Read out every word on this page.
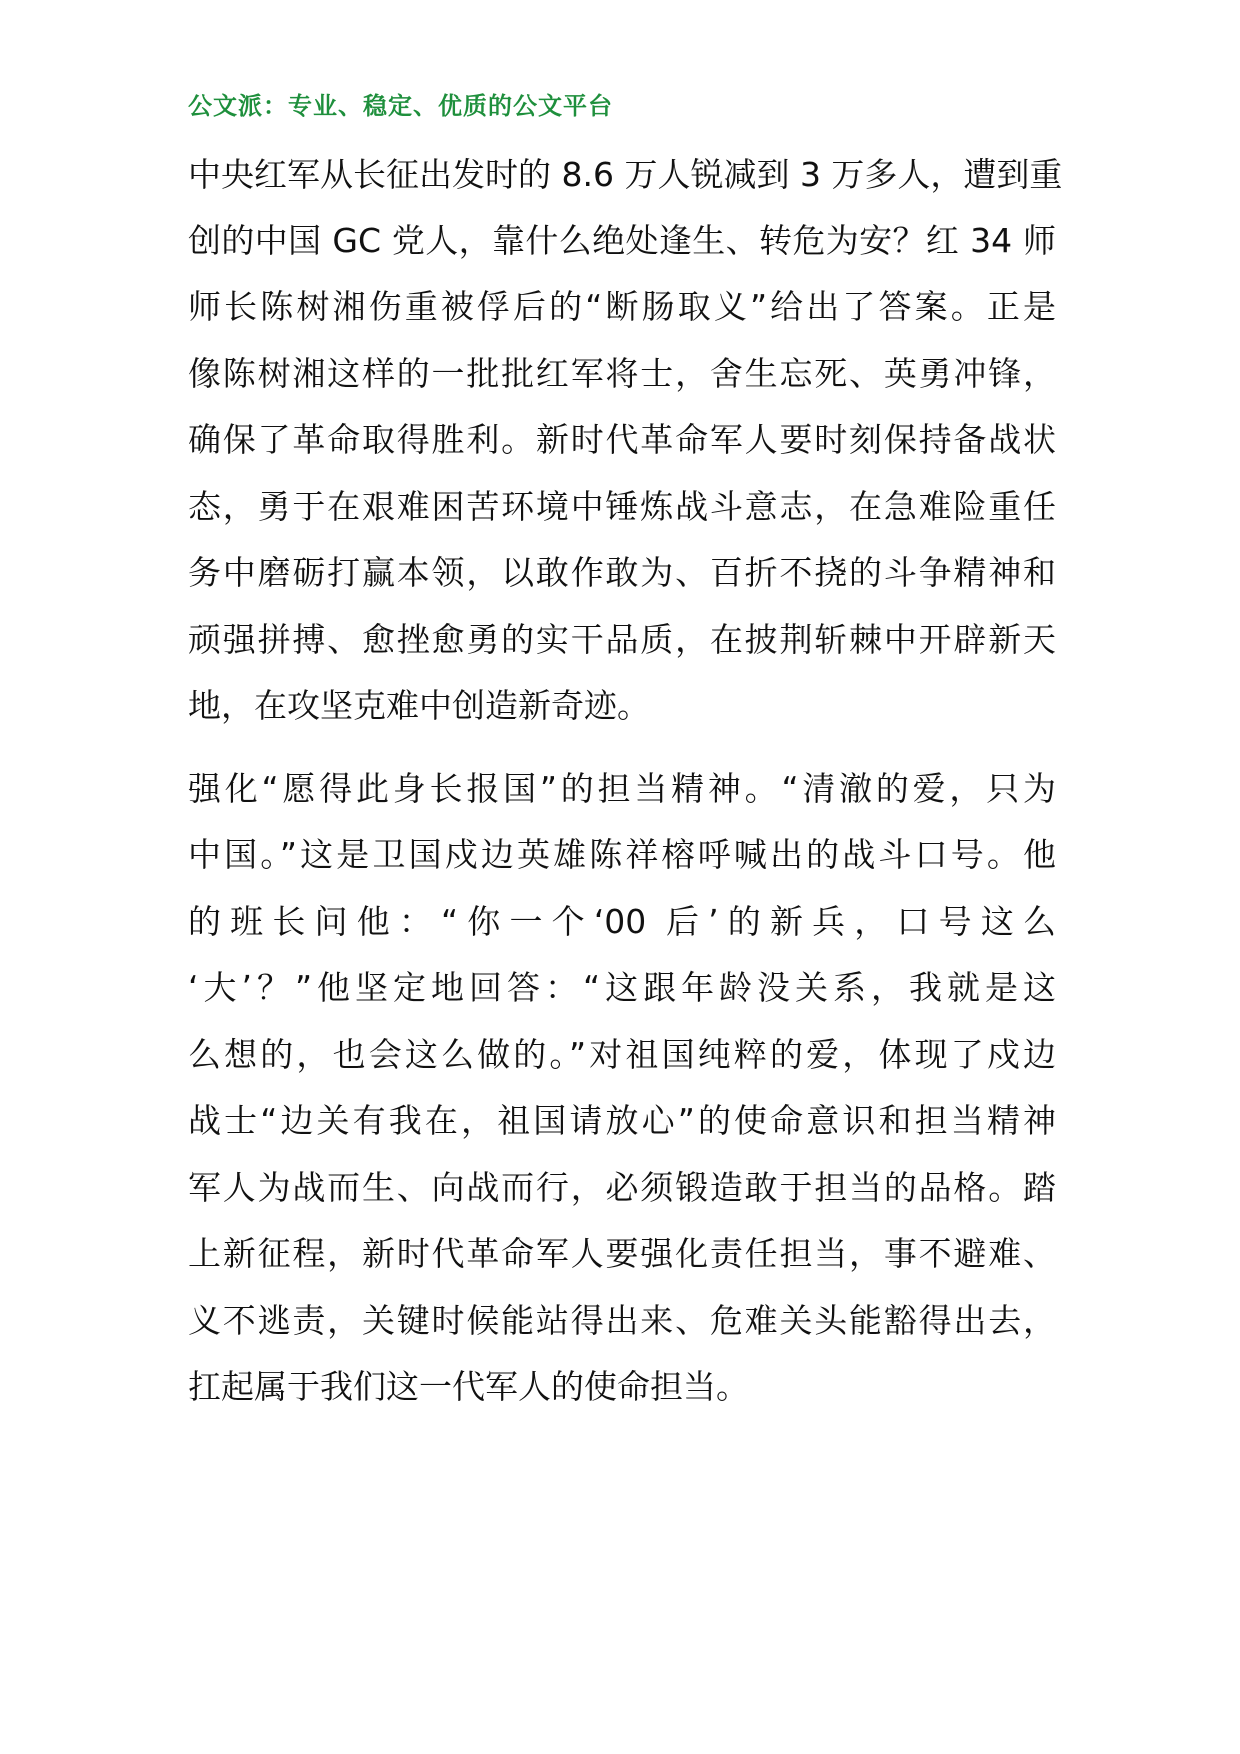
公文派：专业、稳定、优质的公文平台
中央红军从长征出发时的 8.6 万人锐减到 3 万多人，遭到重
创的中国 GC 党人，靠什么绝处逢生、转危为安？红 34 师
师长陈树湘伤重被俘后的“断肠取义”给出了答案。正是
像陈树湘这样的一批批红军将士，舍生忘死、英勇冲锋，
确保了革命取得胜利。新时代革命军人要时刻保持备战状
态，勇于在艰难困苦环境中锤炼战斗意志，在急难险重任
务中磨砺打赢本领，以敢作敢为、百折不挠的斗争精神和
顽强拼搏、愈挫愈勇的实干品质，在披荆斩棘中开辟新天
地，在攻坚克难中创造新奇迹。
强化“愿得此身长报国”的担当精神。“清澈的爱，只为
中国。”这是卫国戍边英雄陈祥榕呼喊出的战斗口号。他
的班长问他：“你一个‘00 后’的新兵，口号这么
‘大’？”他坚定地回答：“这跟年龄没关系，我就是这
么想的，也会这么做的。”对祖国纯粹的爱，体现了戍边
战士“边关有我在，祖国请放心”的使命意识和担当精神
军人为战而生、向战而行，必须锻造敢于担当的品格。踏
上新征程，新时代革命军人要强化责任担当，事不避难、
义不逃责，关键时候能站得出来、危难关头能豁得出去，
扛起属于我们这一代军人的使命担当。
